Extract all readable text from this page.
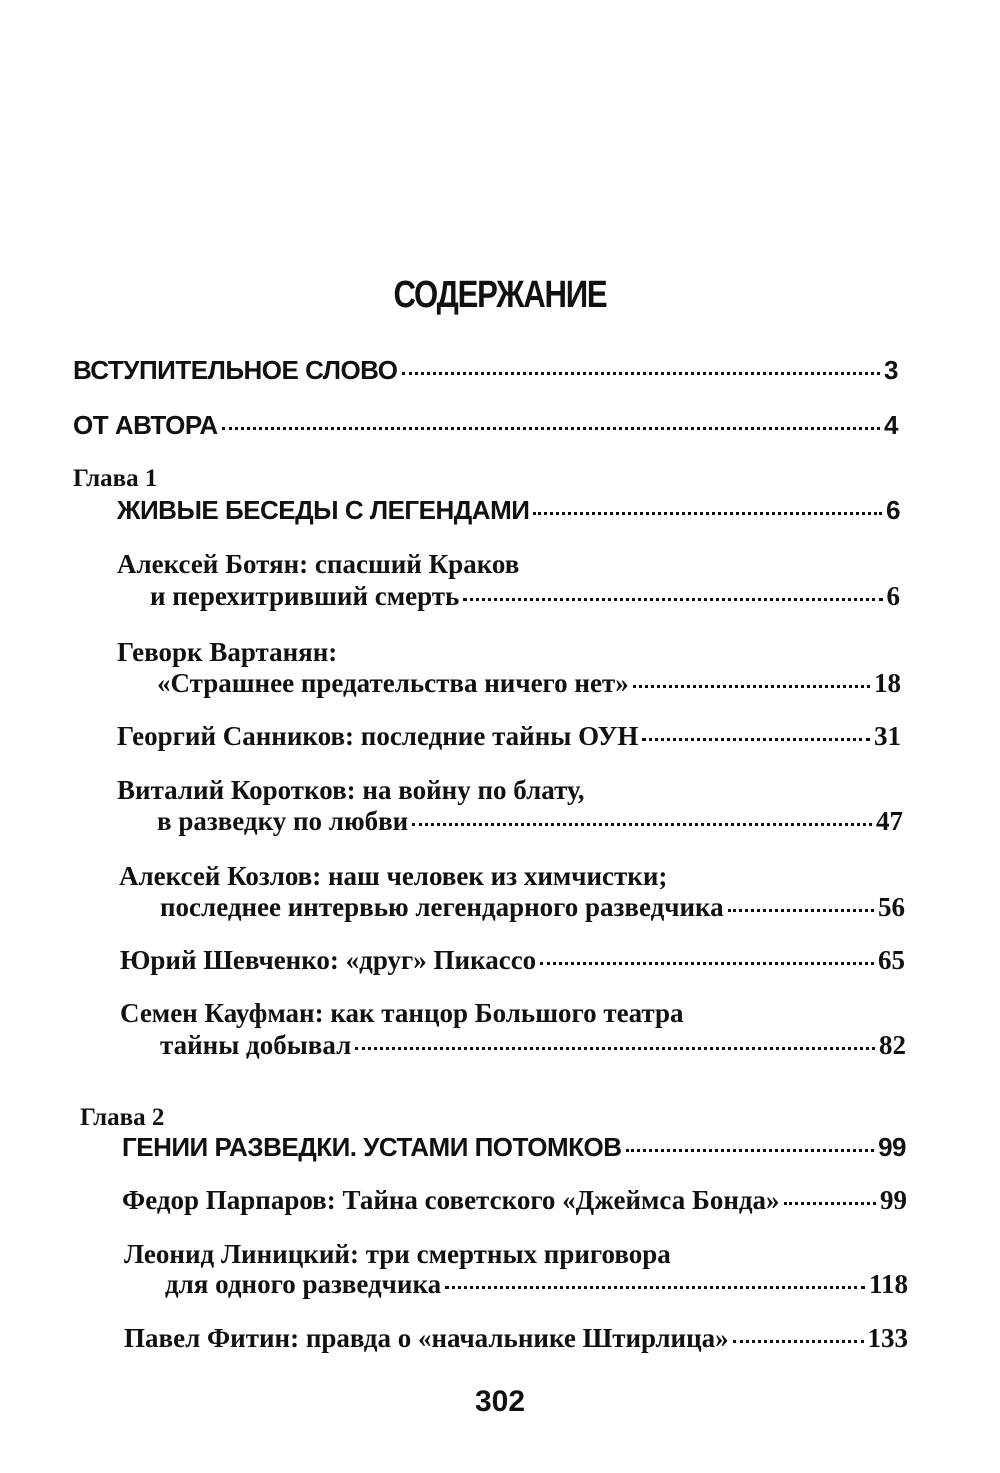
СОДЕРЖАНИЕ
ВСТУПИТЕЛЬНОЕ СЛОВО	3
ОТ АВТОРА	4
Глава 1
ЖИВЫЕ БЕСЕДЫ С ЛЕГЕНДАМИ	6
Алексей Ботян: спасший Краков
и перехитривший смерть	6
Геворк Вартанян:
«Страшнее предательства ничего нет»	18
Георгий Санников: последние тайны ОУН	31
Виталий Коротков: на войну по блату,
в разведку по любви	47
Алексей Козлов: наш человек из химчистки;
последнее интервью легендарного разведчика	56
Юрий Шевченко: «друг» Пикассо	65
Семен Кауфман: как танцор Большого театра
тайны добывал	82
Глава 2
ГЕНИИ РАЗВЕДКИ. УСТАМИ ПОТОМКОВ	99
Федор Парпаров: Тайна советского «Джеймса Бонда»	99
Леонид Линицкий: три смертных приговора
для одного разведчика	118
Павел Фитин: правда о «начальнике Штирлица»	133
302
